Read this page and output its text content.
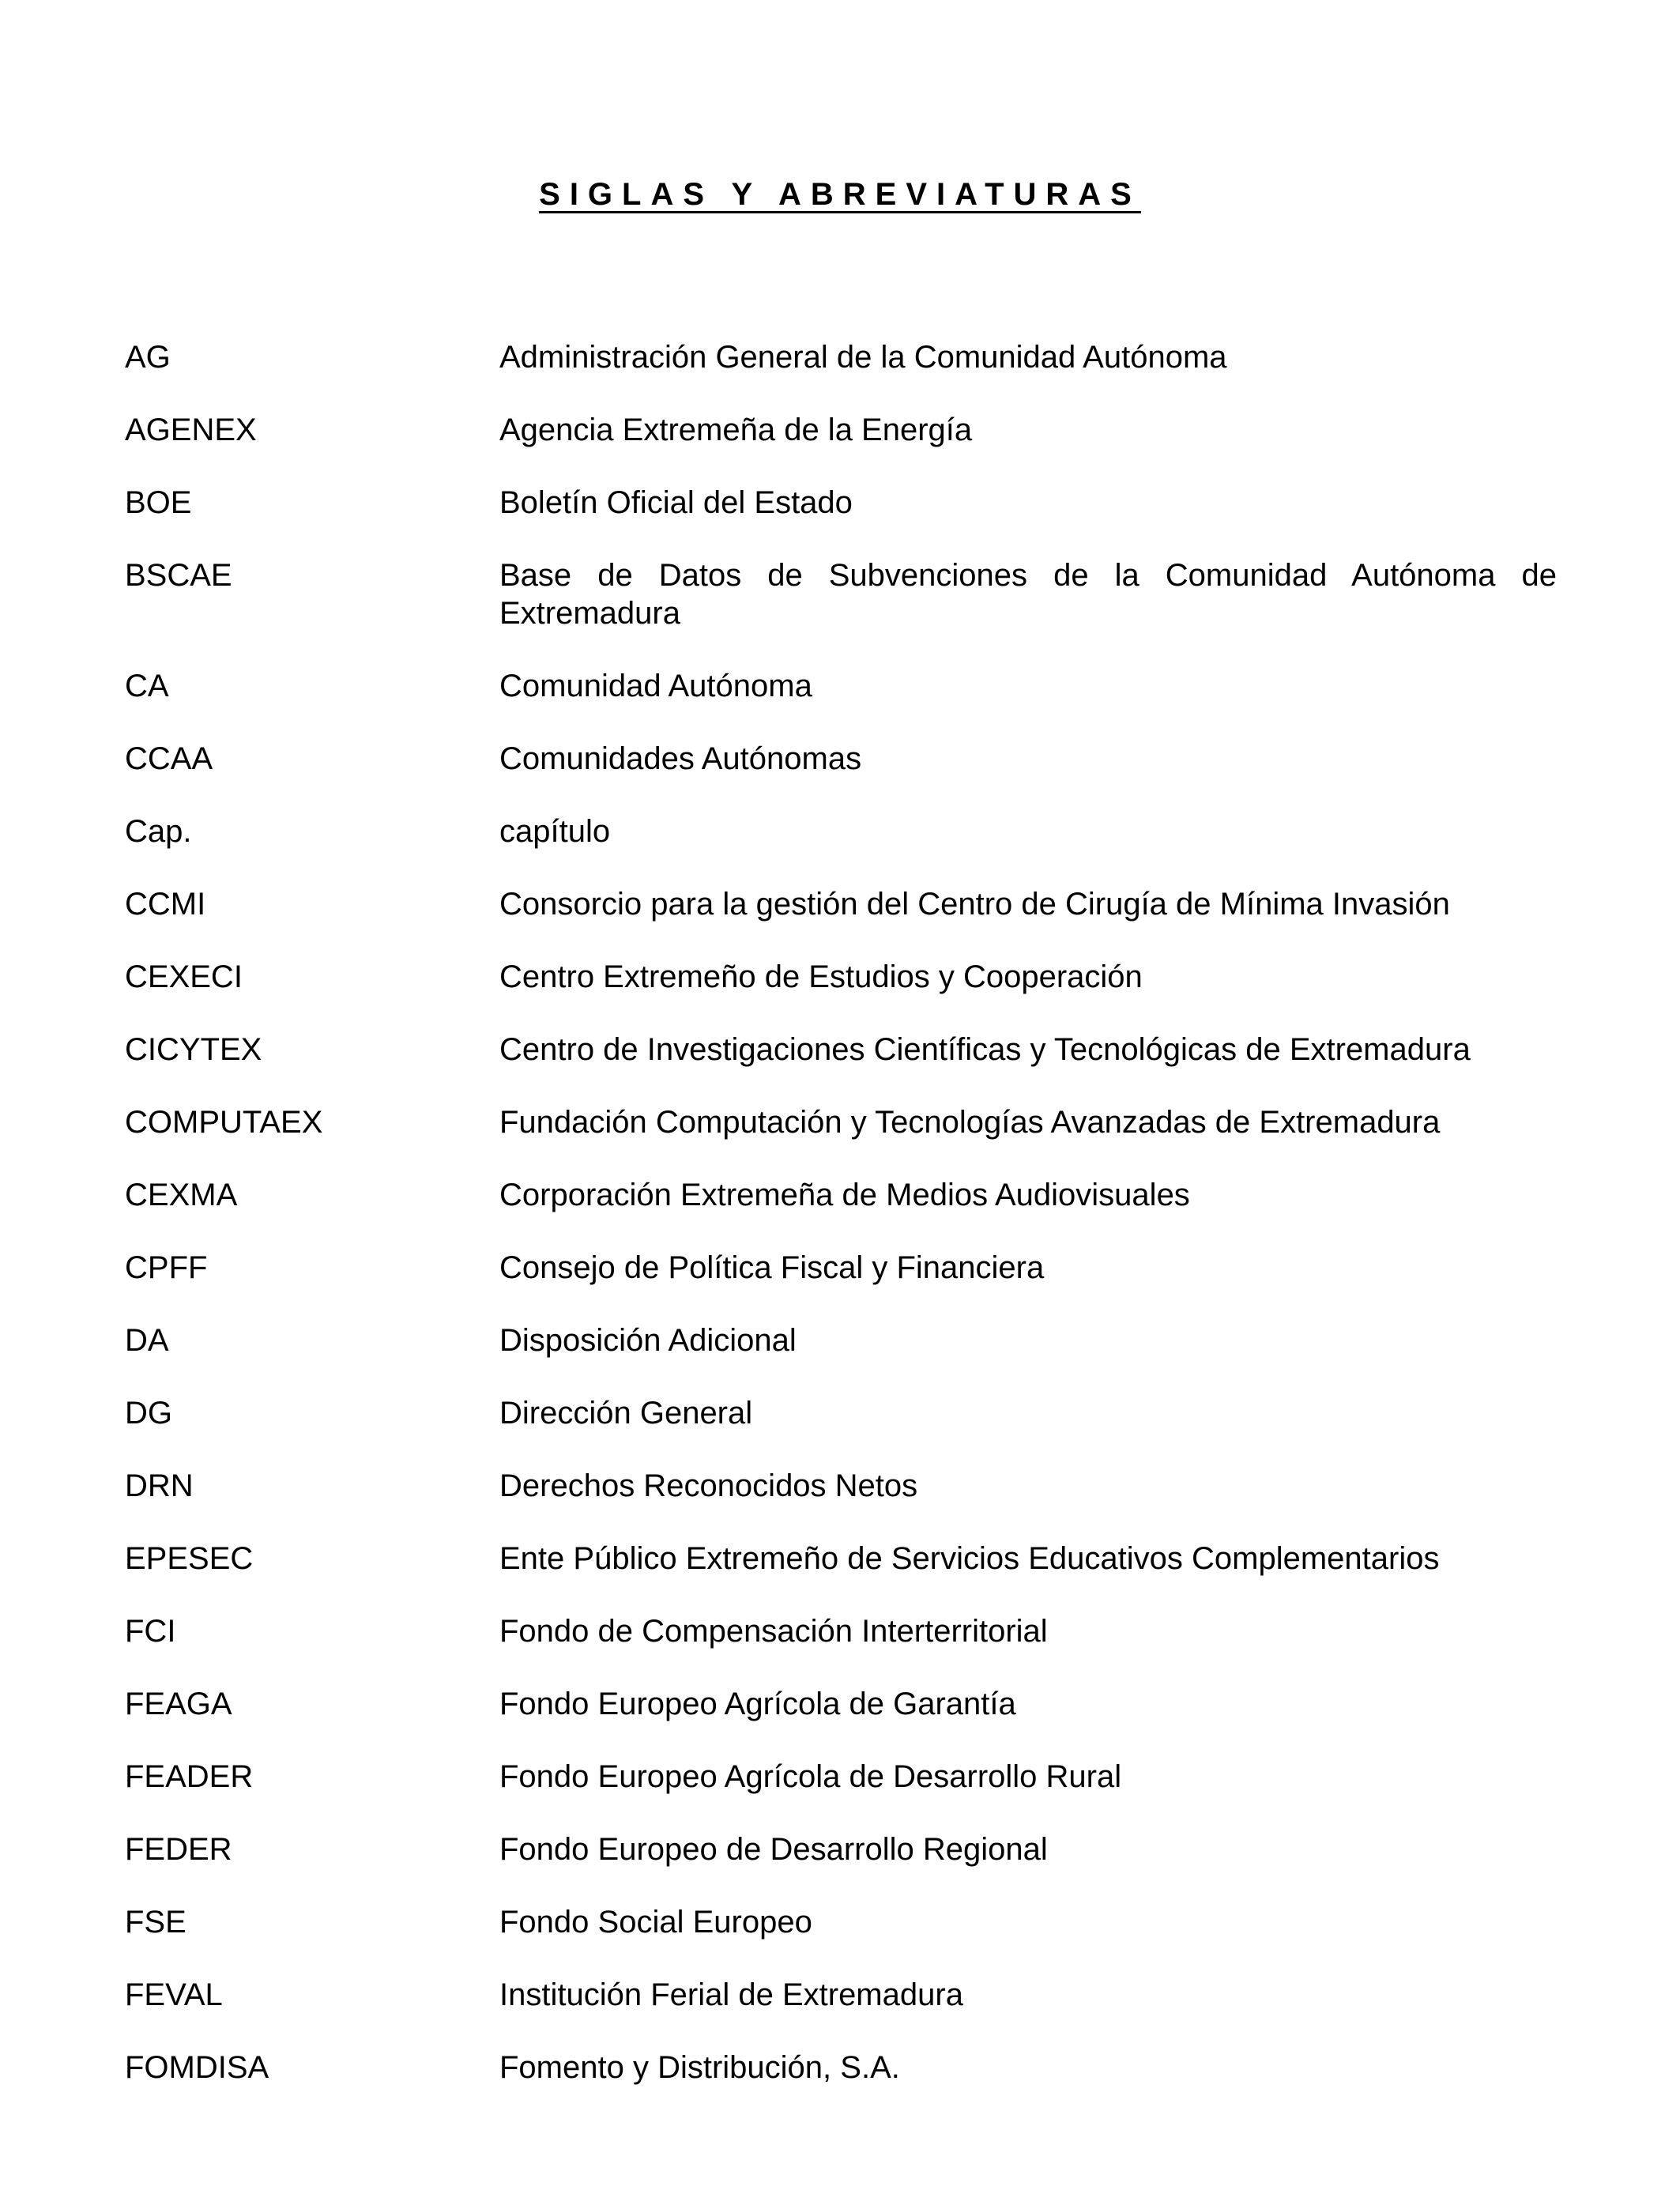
SIGLAS Y ABREVIATURAS
AG	Administración General de la Comunidad Autónoma
AGENEX	Agencia Extremeña de la Energía
BOE	Boletín Oficial del Estado
BSCAE	Base de Datos de Subvenciones de la Comunidad Autónoma de Extremadura
CA	Comunidad Autónoma
CCAA	Comunidades Autónomas
Cap.	capítulo
CCMI	Consorcio para la gestión del Centro de Cirugía de Mínima Invasión
CEXECI	Centro Extremeño de Estudios y Cooperación
CICYTEX	Centro de Investigaciones Científicas y Tecnológicas de Extremadura
COMPUTAEX	Fundación Computación y Tecnologías Avanzadas de Extremadura
CEXMA	Corporación Extremeña de Medios Audiovisuales
CPFF	Consejo de Política Fiscal y Financiera
DA	Disposición Adicional
DG	Dirección General
DRN	Derechos Reconocidos Netos
EPESEC	Ente Público Extremeño de Servicios Educativos Complementarios
FCI	Fondo de Compensación Interterritorial
FEAGA	Fondo Europeo Agrícola de Garantía
FEADER	Fondo Europeo Agrícola de Desarrollo Rural
FEDER	Fondo Europeo de Desarrollo Regional
FSE	Fondo Social Europeo
FEVAL	Institución Ferial de Extremadura
FOMDISA	Fomento y Distribución, S.A.
